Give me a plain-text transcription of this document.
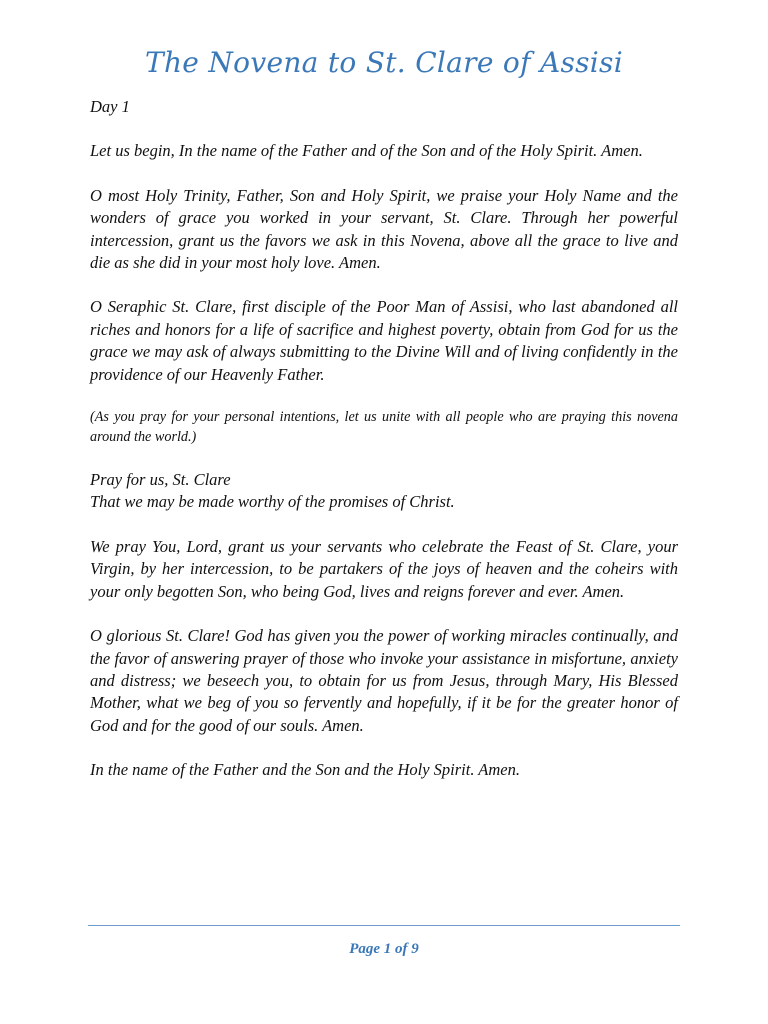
The Novena to St. Clare of Assisi

Day 1

Let us begin, In the name of the Father and of the Son and of the Holy Spirit. Amen.

O most Holy Trinity, Father, Son and Holy Spirit, we praise your Holy Name and the wonders of grace you worked in your servant, St. Clare. Through her powerful intercession, grant us the favors we ask in this Novena, above all the grace to live and die as she did in your most holy love. Amen.

O Seraphic St. Clare, first disciple of the Poor Man of Assisi, who last abandoned all riches and honors for a life of sacrifice and highest poverty, obtain from God for us the grace we may ask of always submitting to the Divine Will and of living confidently in the providence of our Heavenly Father.

(As you pray for your personal intentions, let us unite with all people who are praying this novena around the world.)

Pray for us, St. Clare
That we may be made worthy of the promises of Christ.

We pray You, Lord, grant us your servants who celebrate the Feast of St. Clare, your Virgin, by her intercession, to be partakers of the joys of heaven and the coheirs with your only begotten Son, who being God, lives and reigns forever and ever. Amen.

O glorious St. Clare! God has given you the power of working miracles continually, and the favor of answering prayer of those who invoke your assistance in misfortune, anxiety and distress; we beseech you, to obtain for us from Jesus, through Mary, His Blessed Mother, what we beg of you so fervently and hopefully, if it be for the greater honor of God and for the good of our souls. Amen.

In the name of the Father and the Son and the Holy Spirit. Amen.

Page 1 of 9
